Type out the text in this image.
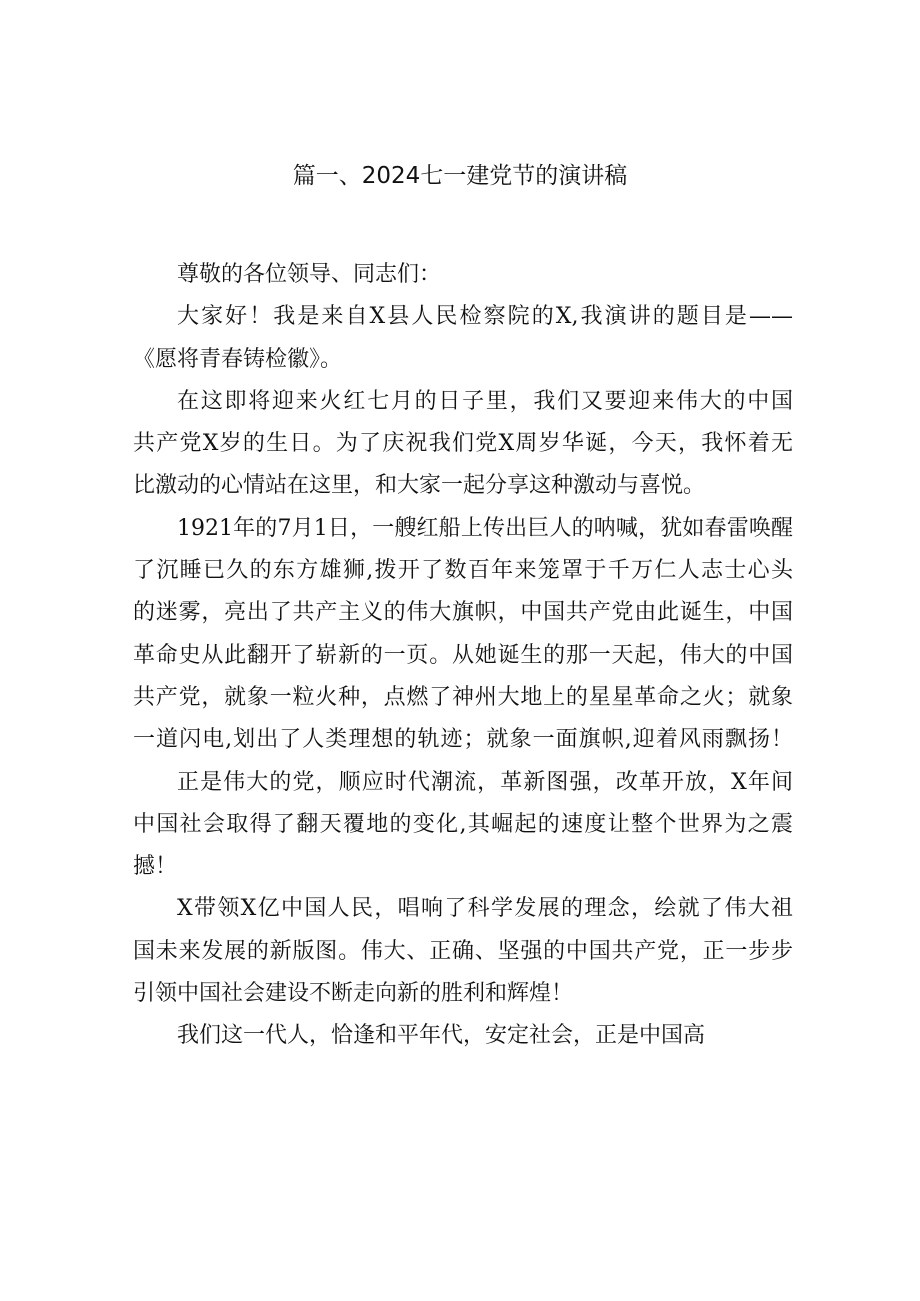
篇一、2024七一建党节的演讲稿
尊敬的各位领导、同志们：
大家好！我是来自X县人民检察院的X,我演讲的题目是——
《愿将青春铸检徽》。
在这即将迎来火红七月的日子里，我们又要迎来伟大的中国
共产党X岁的生日。为了庆祝我们党X周岁华诞，今天，我怀着无
比激动的心情站在这里，和大家一起分享这种激动与喜悦。
1921年的7月1日，一艘红船上传出巨人的呐喊，犹如春雷唤醒
了沉睡已久的东方雄狮,拨开了数百年来笼罩于千万仁人志士心头
的迷雾，亮出了共产主义的伟大旗帜，中国共产党由此诞生，中国
革命史从此翻开了崭新的一页。从她诞生的那一天起，伟大的中国
共产党，就象一粒火种，点燃了神州大地上的星星革命之火；就象
一道闪电,划出了人类理想的轨迹；就象一面旗帜,迎着风雨飘扬！
正是伟大的党，顺应时代潮流，革新图强，改革开放，X年间
中国社会取得了翻天覆地的变化,其崛起的速度让整个世界为之震
撼！
X带领X亿中国人民，唱响了科学发展的理念，绘就了伟大祖
国未来发展的新版图。伟大、正确、坚强的中国共产党，正一步步
引领中国社会建设不断走向新的胜利和辉煌！
我们这一代人，恰逢和平年代，安定社会，正是中国高
